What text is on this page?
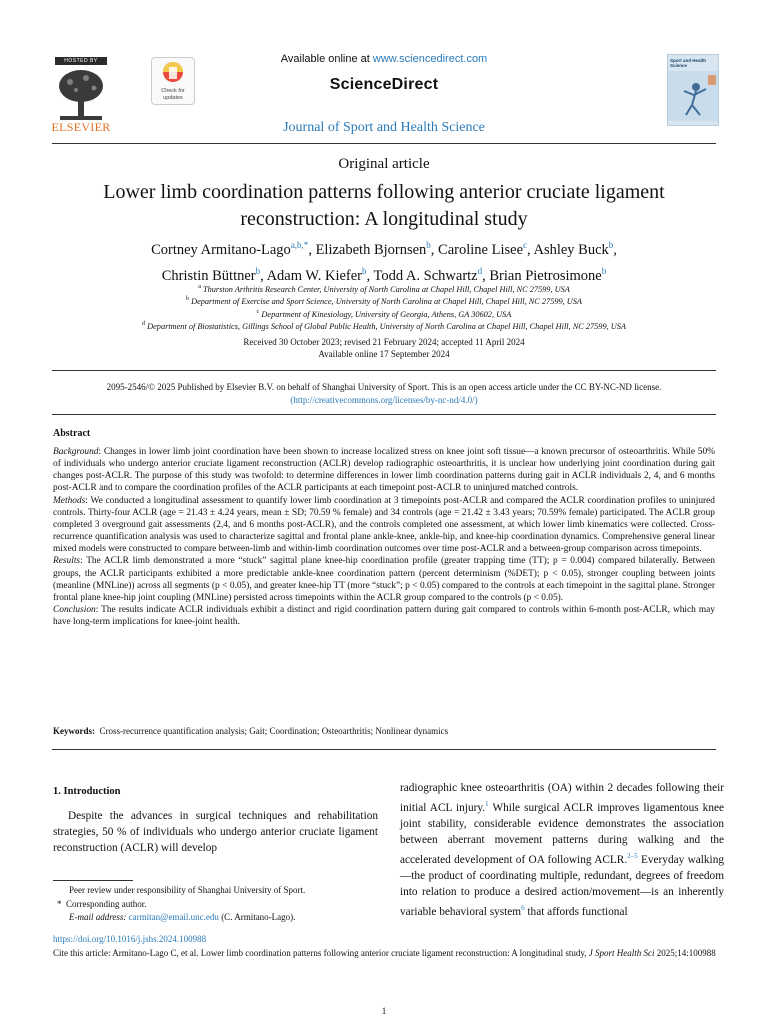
HOSTED BY
ELSEVIER
Check for updates
Available online at www.sciencedirect.com
ScienceDirect
Journal of Sport and Health Science
Sport and Health Science
Original article
Lower limb coordination patterns following anterior cruciate ligament reconstruction: A longitudinal study
Cortney Armitano-Lago$^{a,b,*}$, Elizabeth Bjornsen$^b$, Caroline Lisee$^c$, Ashley Buck$^b$,
Christin Büttner$^b$, Adam W. Kiefer$^b$, Todd A. Schwartz$^d$, Brian Pietrosimone$^b$
$^a$ Thurston Arthritis Research Center, University of North Carolina at Chapel Hill, Chapel Hill, NC 27599, USA
$^b$ Department of Exercise and Sport Science, University of North Carolina at Chapel Hill, Chapel Hill, NC 27599, USA
$^c$ Department of Kinesiology, University of Georgia, Athens, GA 30602, USA
$^d$ Department of Biostatistics, Gillings School of Global Public Health, University of North Carolina at Chapel Hill, Chapel Hill, NC 27599, USA
Received 30 October 2023; revised 21 February 2024; accepted 11 April 2024
Available online 17 September 2024
2095-2546/© 2025 Published by Elsevier B.V. on behalf of Shanghai University of Sport. This is an open access article under the CC BY-NC-ND license.
(http://creativecommons.org/licenses/by-nc-nd/4.0/)
Abstract

Background: Changes in lower limb joint coordination have been shown to increase localized stress on knee joint soft tissue—a known precursor of osteoarthritis. While 50% of individuals who undergo anterior cruciate ligament reconstruction (ACLR) develop radiographic osteoarthritis, it is unclear how underlying joint coordination during gait changes post-ACLR. The purpose of this study was twofold: to determine differences in lower limb coordination patterns during gait in ACLR individuals 2, 4, and 6 months post-ACLR and to compare the coordination profiles of the ACLR participants at each timepoint post-ACLR to uninjured matched controls.

Methods: We conducted a longitudinal assessment to quantify lower limb coordination at 3 timepoints post-ACLR and compared the ACLR coordination profiles to uninjured controls. Thirty-four ACLR (age = 21.43 ± 4.24 years, mean ± SD; 70.59 % female) and 34 controls (age = 21.42 ± 3.43 years; 70.59% female) participated. The ACLR group completed 3 overground gait assessments (2,4, and 6 months post-ACLR), and the controls completed one assessment, at which lower limb kinematics were collected. Cross-recurrence quantification analysis was used to characterize sagittal and frontal plane ankle-knee, ankle-hip, and knee-hip coordination dynamics. Comprehensive general linear mixed models were constructed to compare between-limb and within-limb coordination outcomes over time post-ACLR and a between-group comparison across timepoints.

Results: The ACLR limb demonstrated a more “stuck” sagittal plane knee-hip coordination profile (greater trapping time (TT); p = 0.004) compared bilaterally. Between groups, the ACLR participants exhibited a more predictable ankle-knee coordination pattern (percent determinism (%DET); p < 0.05), stronger coupling between joints (meanline (MNLine)) across all segments (p < 0.05), and greater knee-hip TT (more “stuck”; p < 0.05) compared to the controls at each timepoint in the sagittal plane. Stronger frontal plane knee-hip joint coupling (MNLine) persisted across timepoints within the ACLR group compared to the controls (p < 0.05).

Conclusion: The results indicate ACLR individuals exhibit a distinct and rigid coordination pattern during gait compared to controls within 6-month post-ACLR, which may have long-term implications for knee-joint health.

Keywords: Cross-recurrence quantification analysis; Gait; Coordination; Osteoarthritis; Nonlinear dynamics
1. Introduction
Despite the advances in surgical techniques and rehabilitation strategies, 50 % of individuals who undergo anterior cruciate ligament reconstruction (ACLR) will develop
radiographic knee osteoarthritis (OA) within 2 decades following their initial ACL injury.$^1$ While surgical ACLR improves ligamentous knee joint stability, considerable evidence demonstrates the association between aberrant movement patterns during walking and the accelerated development of OA following ACLR.$^{2-5}$ Everyday walking—the product of coordinating multiple, redundant, degrees of freedom into relation to produce a desired action/movement—is an inherently variable behavioral system$^6$ that affords functional

Peer review under responsibility of Shanghai University of Sport.

* Corresponding author.

E-mail address: carmitan@email.unc.edu (C. Armitano-Lago).

https://doi.org/10.1016/j.jshs.2024.100988
Cite this article: Armitano-Lago C, et al. Lower limb coordination patterns following anterior cruciate ligament reconstruction: A longitudinal study, J Sport Health Sci 2025;14:100988
1
